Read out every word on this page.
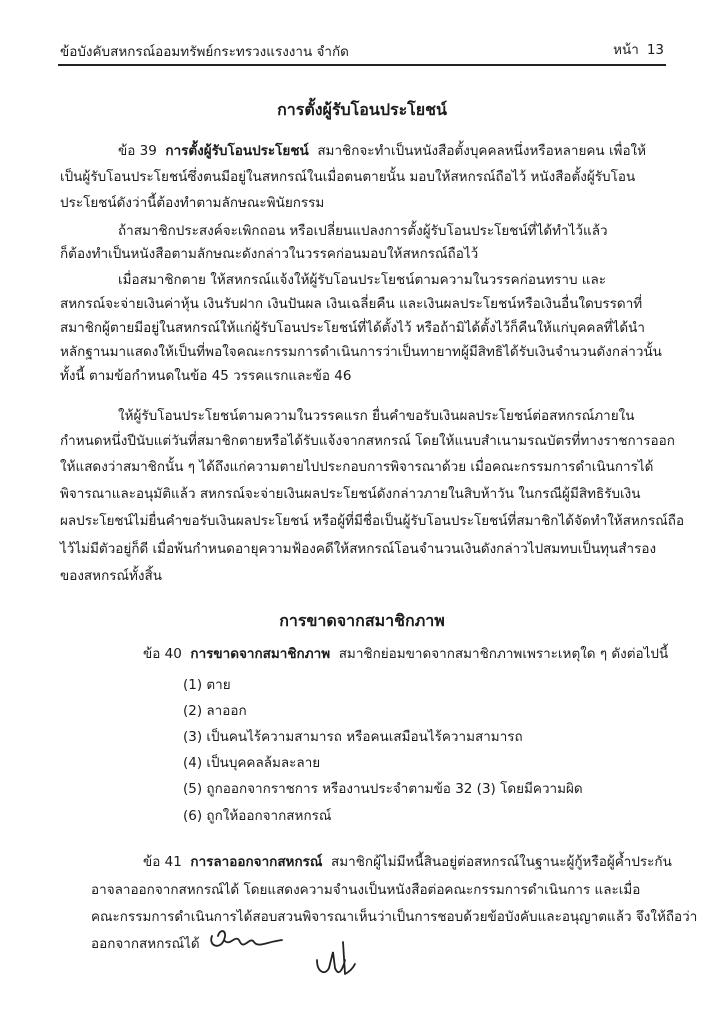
ข้อบังคับสหกรณ์ออมทรัพย์กระทรวงแรงงาน จำกัด	หน้า 13
การตั้งผู้รับโอนประโยชน์
ข้อ 39 การตั้งผู้รับโอนประโยชน์ สมาชิกจะทำเป็นหนังสือตั้งบุคคลหนึ่งหรือหลายคน เพื่อให้
เป็นผู้รับโอนประโยชน์ซึ่งตนมีอยู่ในสหกรณ์ในเมื่อตนตายนั้น มอบให้สหกรณ์ถือไว้ หนังสือตั้งผู้รับโอน
ประโยชน์ดังว่านี้ต้องทำตามลักษณะพินัยกรรม
ถ้าสมาชิกประสงค์จะเพิกถอน หรือเปลี่ยนแปลงการตั้งผู้รับโอนประโยชน์ที่ได้ทำไว้แล้ว
ก็ต้องทำเป็นหนังสือตามลักษณะดังกล่าวในวรรคก่อนมอบให้สหกรณ์ถือไว้
เมื่อสมาชิกตาย ให้สหกรณ์แจ้งให้ผู้รับโอนประโยชน์ตามความในวรรคก่อนทราบ และ
สหกรณ์จะจ่ายเงินค่าหุ้น เงินรับฝาก เงินปันผล เงินเฉลี่ยคืน และเงินผลประโยชน์หรือเงินอื่นใดบรรดาที่
สมาชิกผู้ตายมีอยู่ในสหกรณ์ให้แก่ผู้รับโอนประโยชน์ที่ได้ตั้งไว้ หรือถ้ามิได้ตั้งไว้ก็คืนให้แก่บุคคลที่ได้นำ
หลักฐานมาแสดงให้เป็นที่พอใจคณะกรรมการดำเนินการว่าเป็นทายาทผู้มีสิทธิได้รับเงินจำนวนดังกล่าวนั้น
ทั้งนี้ ตามข้อกำหนดในข้อ 45 วรรคแรกและข้อ 46
ให้ผู้รับโอนประโยชน์ตามความในวรรคแรก ยื่นคำขอรับเงินผลประโยชน์ต่อสหกรณ์ภายใน
กำหนดหนึ่งปีนับแต่วันที่สมาชิกตายหรือได้รับแจ้งจากสหกรณ์ โดยให้แนบสำเนามรณบัตรที่ทางราชการออก
ให้แสดงว่าสมาชิกนั้น ๆ ได้ถึงแก่ความตายไปประกอบการพิจารณาด้วย เมื่อคณะกรรมการดำเนินการได้
พิจารณาและอนุมัติแล้ว สหกรณ์จะจ่ายเงินผลประโยชน์ดังกล่าวภายในสิบห้าวัน ในกรณีผู้มีสิทธิรับเงิน
ผลประโยชน์ไม่ยื่นคำขอรับเงินผลประโยชน์ หรือผู้ที่มีชื่อเป็นผู้รับโอนประโยชน์ที่สมาชิกได้จัดทำให้สหกรณ์ถือ
ไว้ไม่มีตัวอยู่ก็ดี เมื่อพ้นกำหนดอายุความฟ้องคดีให้สหกรณ์โอนจำนวนเงินดังกล่าวไปสมทบเป็นทุนสำรอง
ของสหกรณ์ทั้งสิ้น
การขาดจากสมาชิกภาพ
ข้อ 40 การขาดจากสมาชิกภาพ สมาชิกย่อมขาดจากสมาชิกภาพเพราะเหตุใด ๆ ดังต่อไปนี้
(1) ตาย
(2) ลาออก
(3) เป็นคนไร้ความสามารถ หรือคนเสมือนไร้ความสามารถ
(4) เป็นบุคคลล้มละลาย
(5) ถูกออกจากราชการ หรืองานประจำตามข้อ 32 (3) โดยมีความผิด
(6) ถูกให้ออกจากสหกรณ์
ข้อ 41 การลาออกจากสหกรณ์ สมาชิกผู้ไม่มีหนี้สินอยู่ต่อสหกรณ์ในฐานะผู้กู้หรือผู้ค้ำประกัน
อาจลาออกจากสหกรณ์ได้ โดยแสดงความจำนงเป็นหนังสือต่อคณะกรรมการดำเนินการ และเมื่อ
คณะกรรมการดำเนินการได้สอบสวนพิจารณาเห็นว่าเป็นการชอบด้วยข้อบังคับและอนุญาตแล้ว จึงให้ถือว่า
ออกจากสหกรณ์ได้
